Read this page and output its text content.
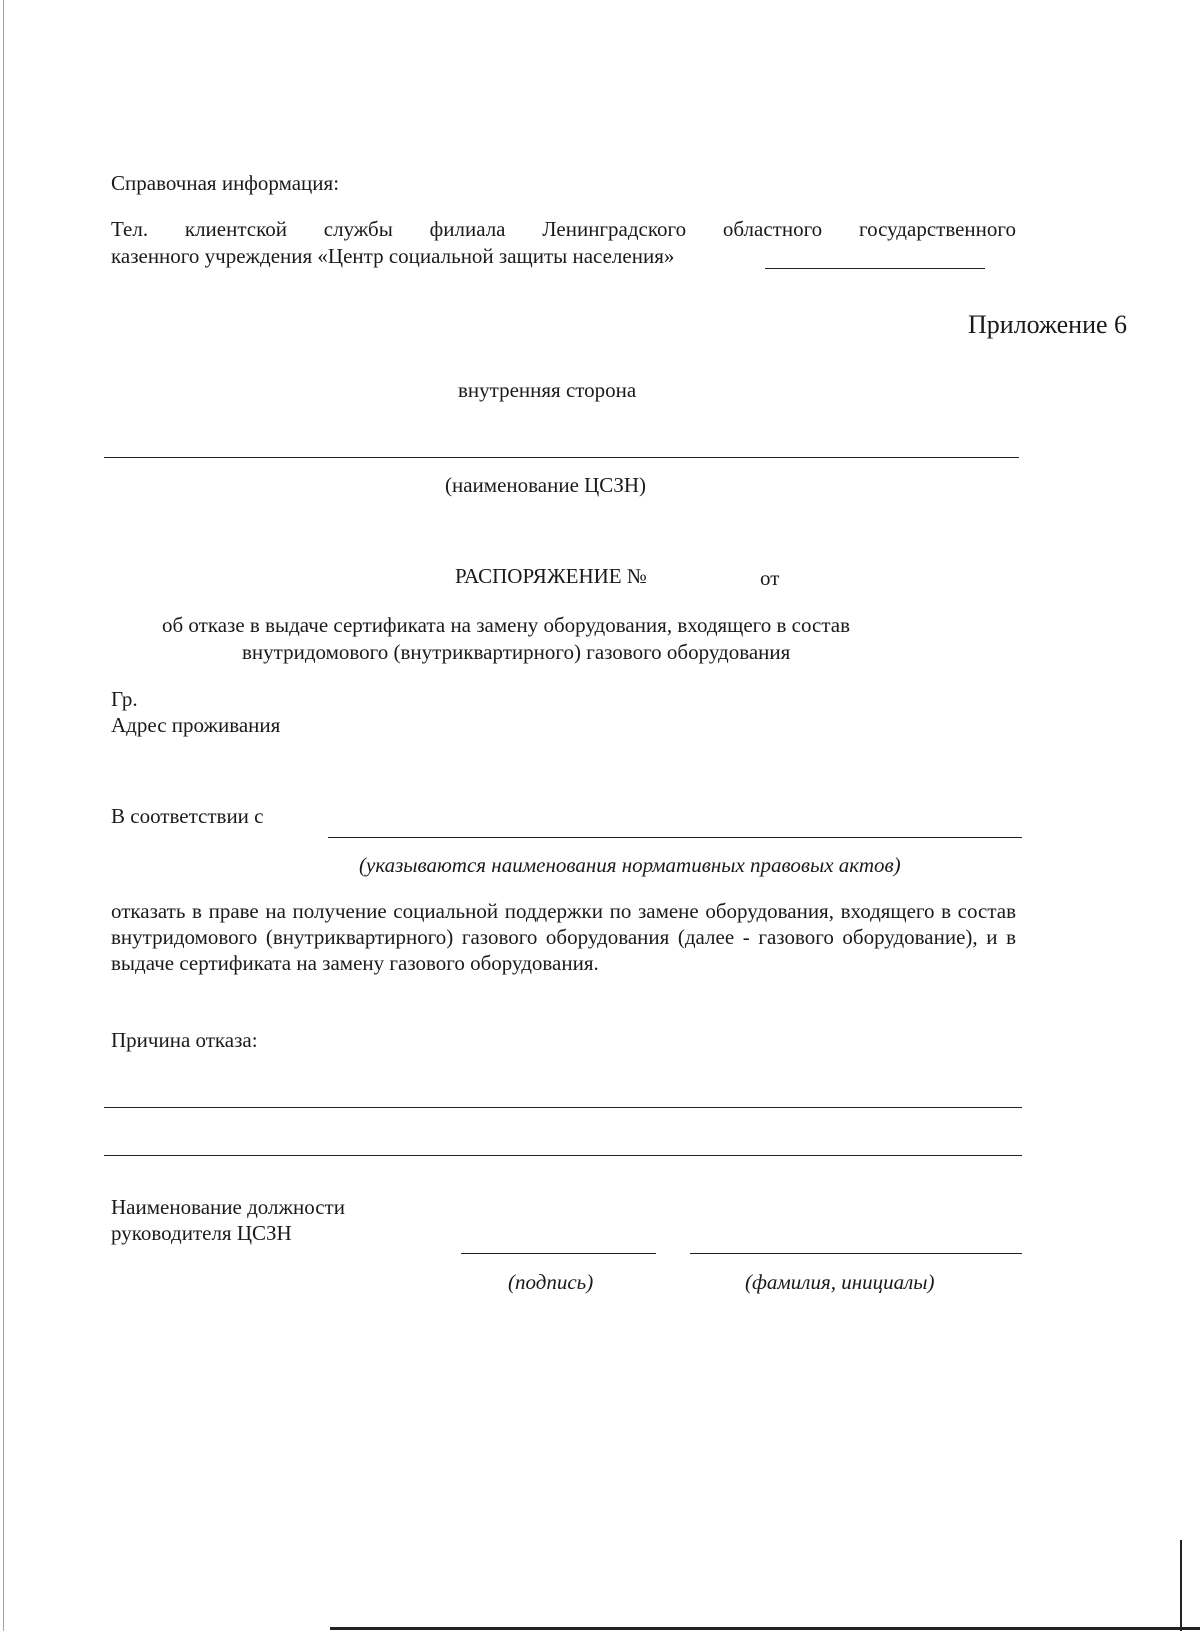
Справочная информация:
Тел. клиентской службы филиала Ленинградского областного государственного
казенного учреждения «Центр социальной защиты населения»
Приложение 6
внутренняя сторона
(наименование ЦСЗН)
РАСПОРЯЖЕНИЕ №	от
об отказе в выдаче сертификата на замену оборудования, входящего в состав
внутридомового (внутриквартирного) газового оборудования
Гр.
Адрес проживания
В соответствии с
(указываются наименования нормативных правовых актов)
отказать в праве на получение социальной поддержки по замене оборудования, входящего в состав внутридомового (внутриквартирного) газового оборудования (далее - газового оборудование), и в выдаче сертификата на замену газового оборудования.
Причина отказа:
Наименование должности
руководителя ЦСЗН
(подпись)	(фамилия, инициалы)
